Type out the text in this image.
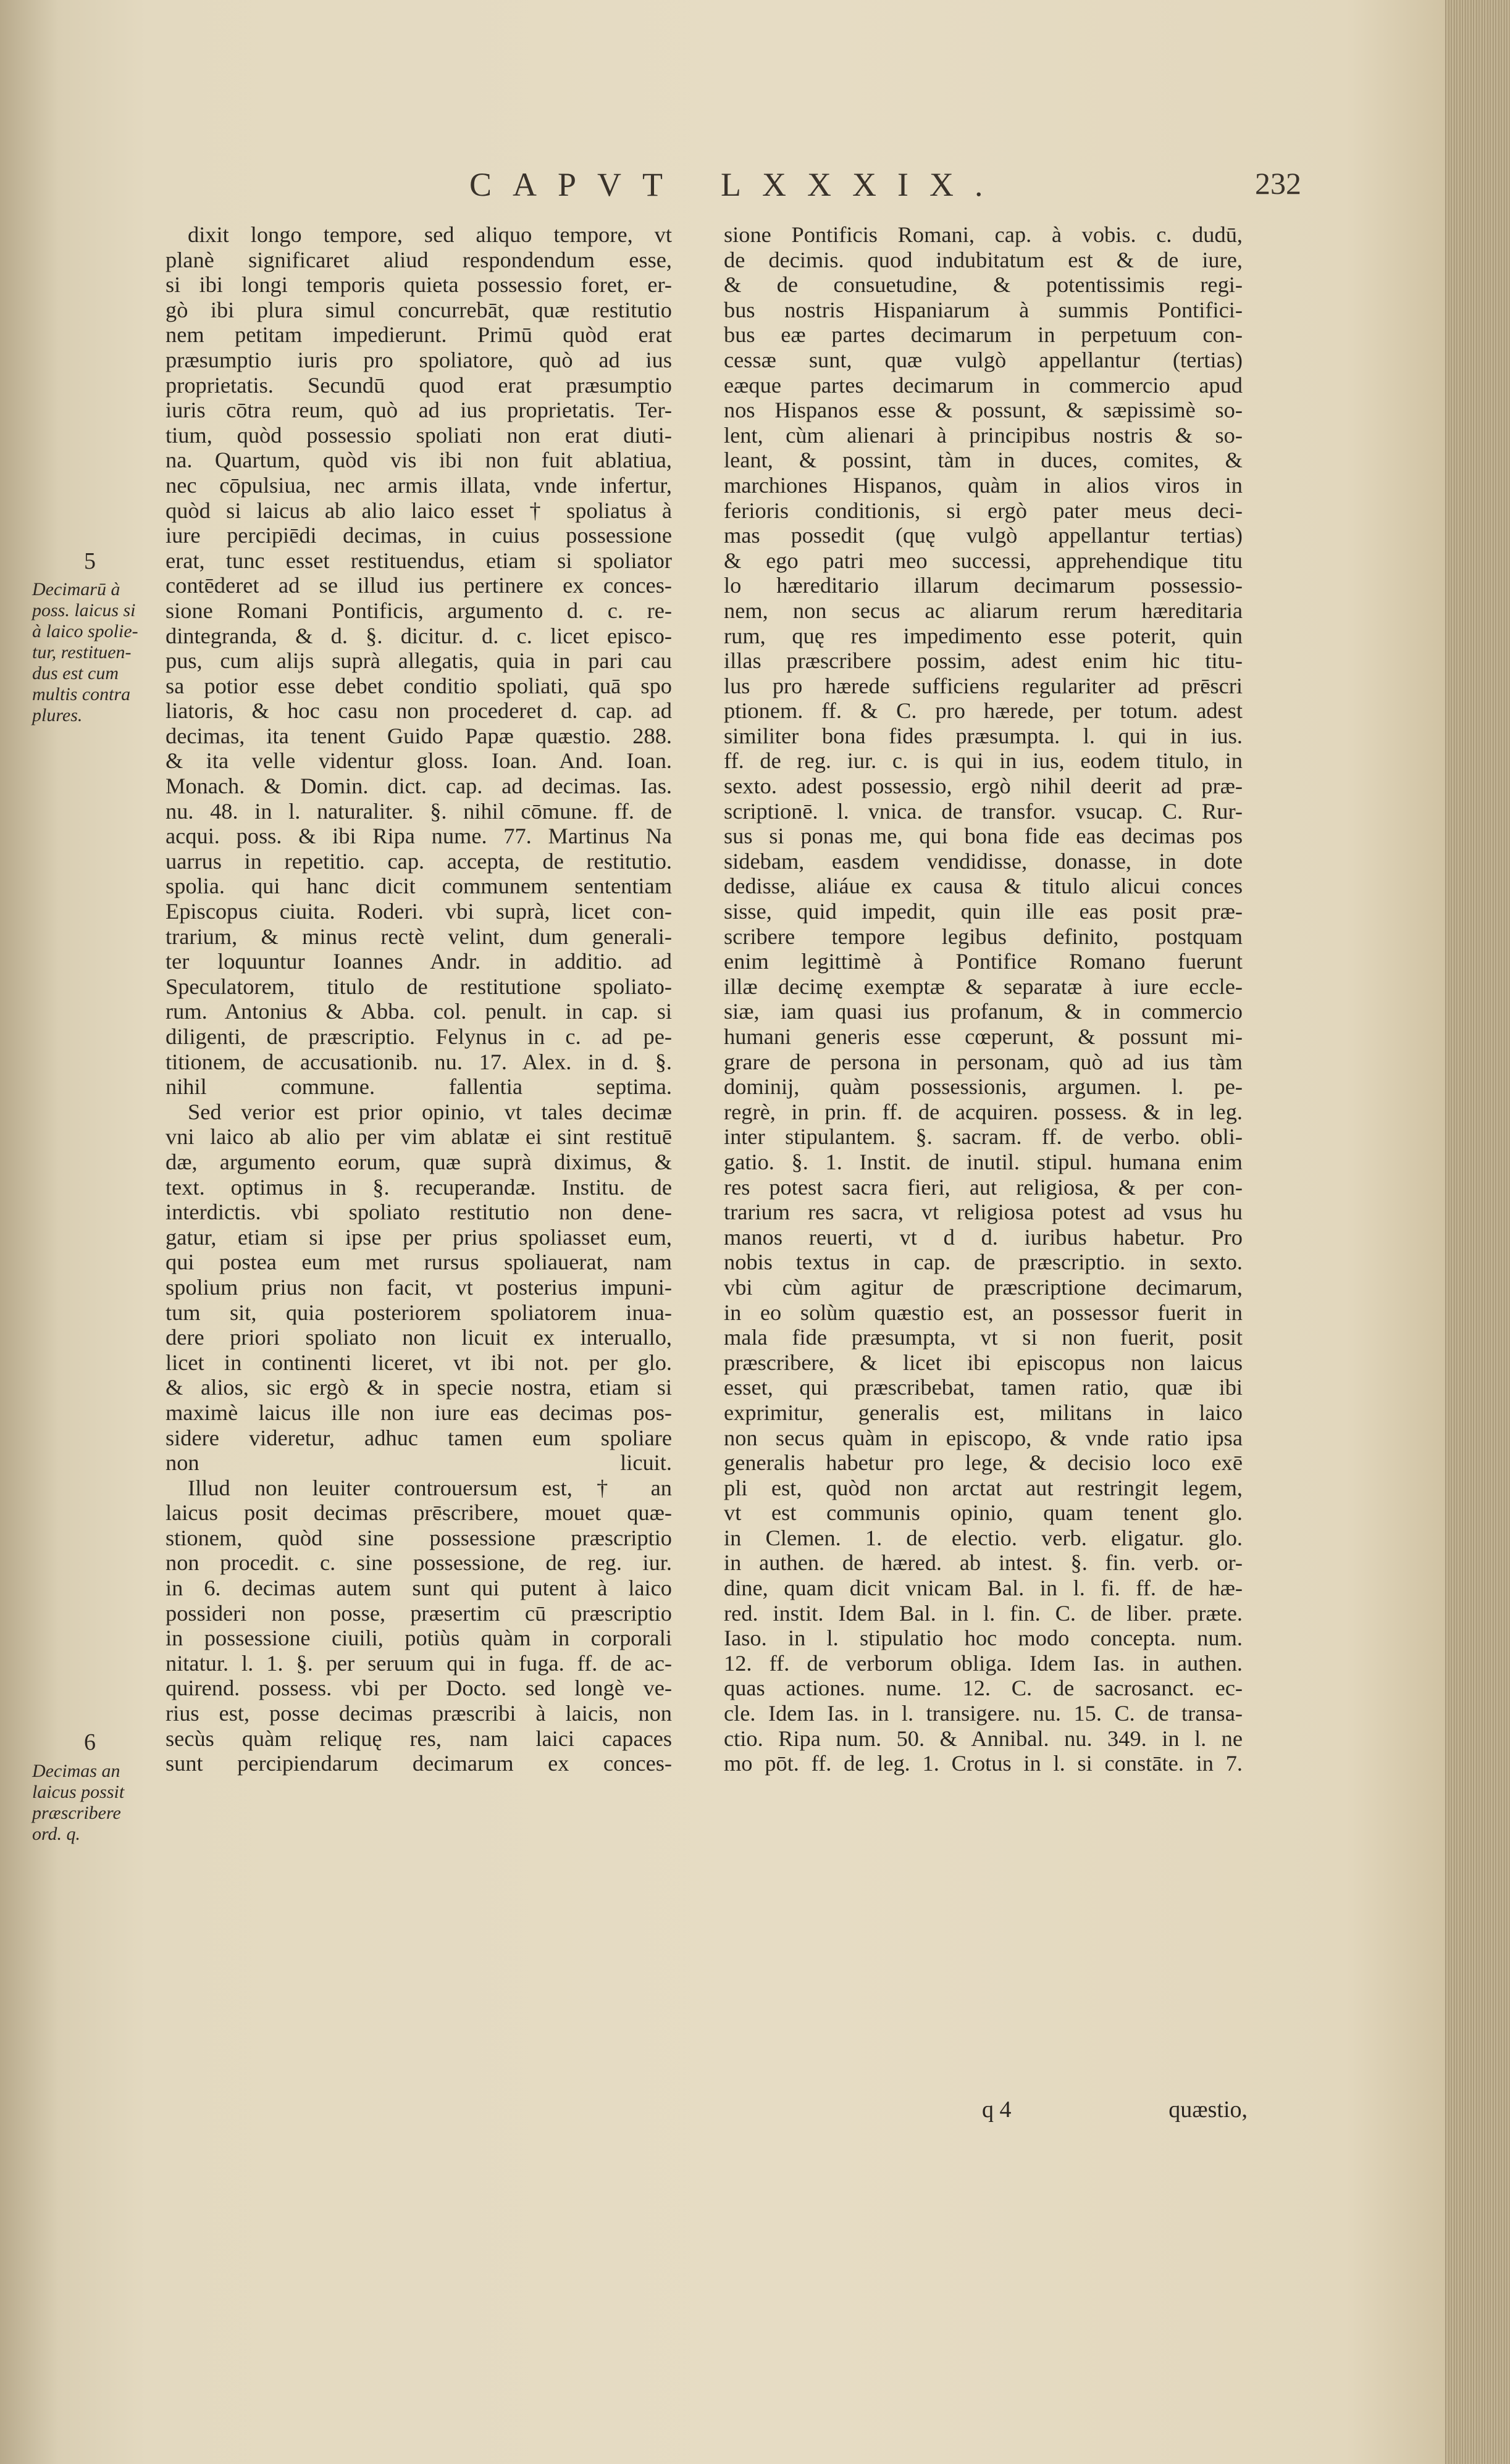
CAPVT LXXXIX.	232
5
Decimarū à
poss. laicus si
à laico spolie-
tur, restituen-
dus est cum
multis contra
plures.
6
Decimas an
laicus possit
præscribere
ord. q.

dixit longo tempore, sed aliquo tempore, vt

planè significaret aliud respondendum esse,

si ibi longi temporis quieta possessio foret, er-

gò ibi plura simul concurrebāt, quæ restitutio

nem petitam impedierunt. Primū quòd erat

præsumptio iuris pro spoliatore, quò ad ius

proprietatis. Secundū quod erat præsumptio

iuris cōtra reum, quò ad ius proprietatis. Ter-

tium, quòd possessio spoliati non erat diuti-

na. Quartum, quòd vis ibi non fuit ablatiua,

nec cōpulsiua, nec armis illata, vnde infertur,

quòd si laicus ab alio laico esset † spoliatus à

iure percipiēdi decimas, in cuius possessione

erat, tunc esset restituendus, etiam si spoliator

contēderet ad se illud ius pertinere ex conces-

sione Romani Pontificis, argumento d. c. re-

dintegranda, & d. §. dicitur. d. c. licet episco-

pus, cum alijs suprà allegatis, quia in pari cau

sa potior esse debet conditio spoliati, quā spo

liatoris, & hoc casu non procederet d. cap. ad

decimas, ita tenent Guido Papæ quæstio. 288.

& ita velle videntur gloss. Ioan. And. Ioan.

Monach. & Domin. dict. cap. ad decimas. Ias.

nu. 48. in l. naturaliter. §. nihil cōmune. ff. de

acqui. poss. & ibi Ripa nume. 77. Martinus Na

uarrus in repetitio. cap. accepta, de restitutio.

spolia. qui hanc dicit communem sententiam

Episcopus ciuita. Roderi. vbi suprà, licet con-

trarium, & minus rectè velint, dum generali-

ter loquuntur Ioannes Andr. in additio. ad

Speculatorem, titulo de restitutione spoliato-

rum. Antonius & Abba. col. penult. in cap. si

diligenti, de præscriptio. Felynus in c. ad pe-

titionem, de accusationib. nu. 17. Alex. in d. §.

nihil commune. fallentia septima.

Sed verior est prior opinio, vt tales decimæ

vni laico ab alio per vim ablatæ ei sint restituē

dæ, argumento eorum, quæ suprà diximus, &

text. optimus in §. recuperandæ. Institu. de

interdictis. vbi spoliato restitutio non dene-

gatur, etiam si ipse per prius spoliasset eum,

qui postea eum met rursus spoliauerat, nam

spolium prius non facit, vt posterius impuni-

tum sit, quia posteriorem spoliatorem inua-

dere priori spoliato non licuit ex interuallo,

licet in continenti liceret, vt ibi not. per glo.

& alios, sic ergò & in specie nostra, etiam si

maximè laicus ille non iure eas decimas pos-

sidere videretur, adhuc tamen eum spoliare

non licuit.

Illud non leuiter controuersum est, † an

laicus posit decimas prēscribere, mouet quæ-

stionem, quòd sine possessione præscriptio

non procedit. c. sine possessione, de reg. iur.

in 6. decimas autem sunt qui putent à laico

possideri non posse, præsertim cū præscriptio

in possessione ciuili, potiùs quàm in corporali

nitatur. l. 1. §. per seruum qui in fuga. ff. de ac-

quirend. possess. vbi per Docto. sed longè ve-

rius est, posse decimas præscribi à laicis, non

secùs quàm reliquę res, nam laici capaces

sunt percipiendarum decimarum ex conces-

sione Pontificis Romani, cap. à vobis. c. dudū,

de decimis. quod indubitatum est & de iure,

& de consuetudine, & potentissimis regi-

bus nostris Hispaniarum à summis Pontifici-

bus eæ partes decimarum in perpetuum con-

cessæ sunt, quæ vulgò appellantur (tertias)

eæque partes decimarum in commercio apud

nos Hispanos esse & possunt, & sæpissimè so-

lent, cùm alienari à principibus nostris & so-

leant, & possint, tàm in duces, comites, &

marchiones Hispanos, quàm in alios viros in

ferioris conditionis, si ergò pater meus deci-

mas possedit (quę vulgò appellantur tertias)

& ego patri meo successi, apprehendique titu

lo hæreditario illarum decimarum possessio-

nem, non secus ac aliarum rerum hæreditaria

rum, quę res impedimento esse poterit, quin

illas præscribere possim, adest enim hic titu-

lus pro hærede sufficiens regulariter ad prēscri

ptionem. ff. & C. pro hærede, per totum. adest

similiter bona fides præsumpta. l. qui in ius.

ff. de reg. iur. c. is qui in ius, eodem titulo, in

sexto. adest possessio, ergò nihil deerit ad præ-

scriptionē. l. vnica. de transfor. vsucap. C. Rur-

sus si ponas me, qui bona fide eas decimas pos

sidebam, easdem vendidisse, donasse, in dote

dedisse, aliáue ex causa & titulo alicui conces

sisse, quid impedit, quin ille eas posit præ-

scribere tempore legibus definito, postquam

enim legittimè à Pontifice Romano fuerunt

illæ decimę exemptæ & separatæ à iure eccle-

siæ, iam quasi ius profanum, & in commercio

humani generis esse cœperunt, & possunt mi-

grare de persona in personam, quò ad ius tàm

dominij, quàm possessionis, argumen. l. pe-

regrè, in prin. ff. de acquiren. possess. & in leg.

inter stipulantem. §. sacram. ff. de verbo. obli-

gatio. §. 1. Instit. de inutil. stipul. humana enim

res potest sacra fieri, aut religiosa, & per con-

trarium res sacra, vt religiosa potest ad vsus hu

manos reuerti, vt d d. iuribus habetur. Pro

nobis textus in cap. de præscriptio. in sexto.

vbi cùm agitur de præscriptione decimarum,

in eo solùm quæstio est, an possessor fuerit in

mala fide præsumpta, vt si non fuerit, posit

præscribere, & licet ibi episcopus non laicus

esset, qui præscribebat, tamen ratio, quæ ibi

exprimitur, generalis est, militans in laico

non secus quàm in episcopo, & vnde ratio ipsa

generalis habetur pro lege, & decisio loco exē

pli est, quòd non arctat aut restringit legem,

vt est communis opinio, quam tenent glo.

in Clemen. 1. de electio. verb. eligatur. glo.

in authen. de hæred. ab intest. §. fin. verb. or-

dine, quam dicit vnicam Bal. in l. fi. ff. de hæ-

red. instit. Idem Bal. in l. fin. C. de liber. præte.

Iaso. in l. stipulatio hoc modo concepta. num.

12. ff. de verborum obliga. Idem Ias. in authen.

quas actiones. nume. 12. C. de sacrosanct. ec-

cle. Idem Ias. in l. transigere. nu. 15. C. de transa-

ctio. Ripa num. 50. & Annibal. nu. 349. in l. ne

mo pōt. ff. de leg. 1. Crotus in l. si constāte. in 7.

q 4	quæstio,
